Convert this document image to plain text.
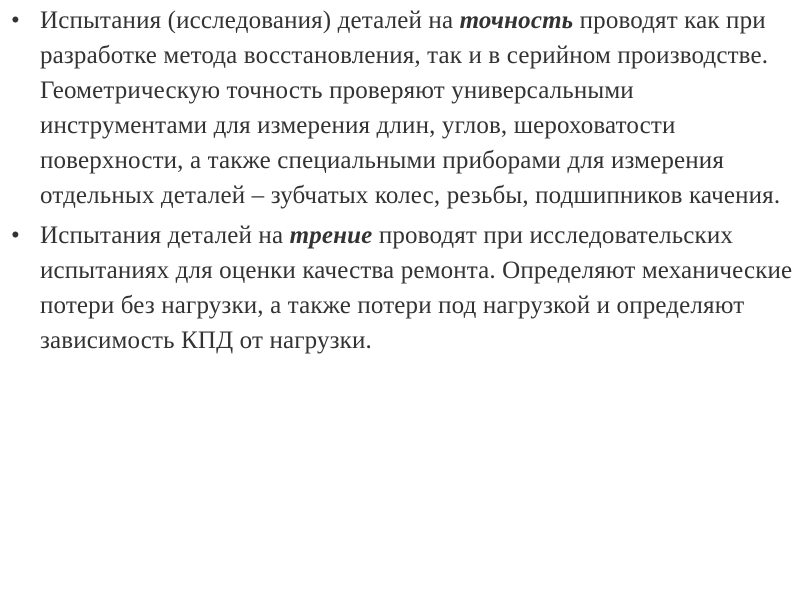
• Испытания (исследования) деталей на точность проводят как при разработке метода восстановления, так и в серийном производстве. Геометрическую точность проверяют универсальными инструментами для измерения длин, углов, шероховатости поверхности, а также специальными приборами для измерения отдельных деталей – зубчатых колес, резьбы, подшипников качения.
• Испытания деталей на трение проводят при исследовательских испытаниях для оценки качества ремонта. Определяют механические потери без нагрузки, а также потери под нагрузкой и определяют зависимость КПД от нагрузки.
